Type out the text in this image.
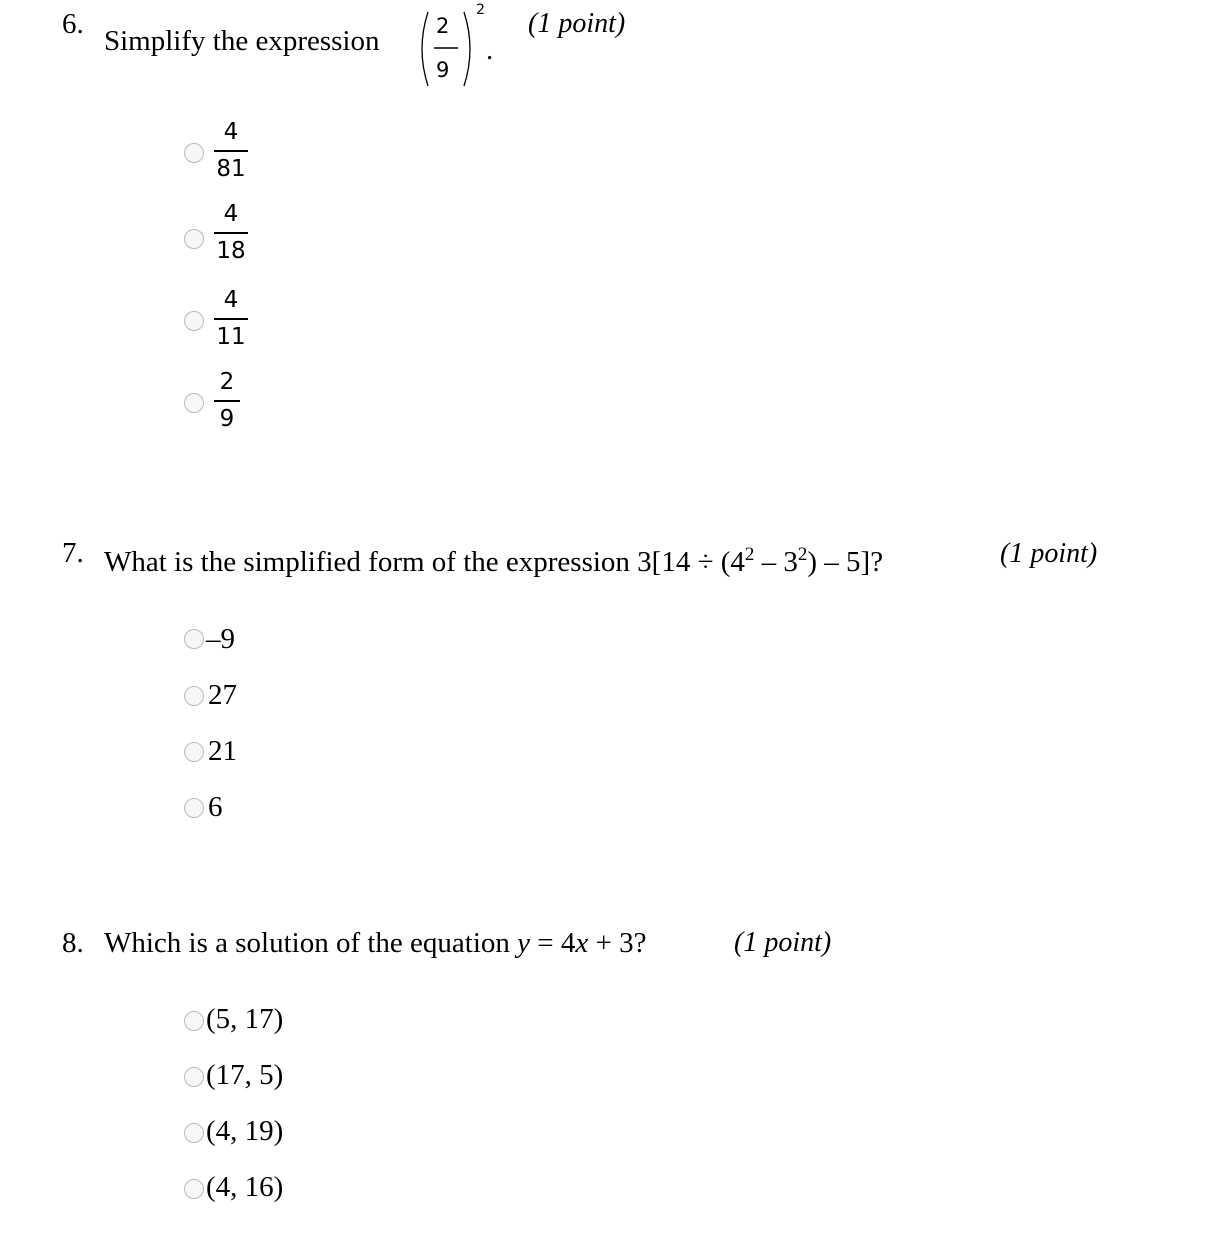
6.
Simplify the expression	2
9
2
.
(1 point)
4
81
4
18
4
11
2
9
7. What is the simplified form of the expression $3[14 \div (4^2 - 3^2) - 5]$?	(1 point)
–9
27
21
6
8. Which is a solution of the equation y = 4x + 3?	(1 point)
(5, 17)
(17, 5)
(4, 19)
(4, 16)
